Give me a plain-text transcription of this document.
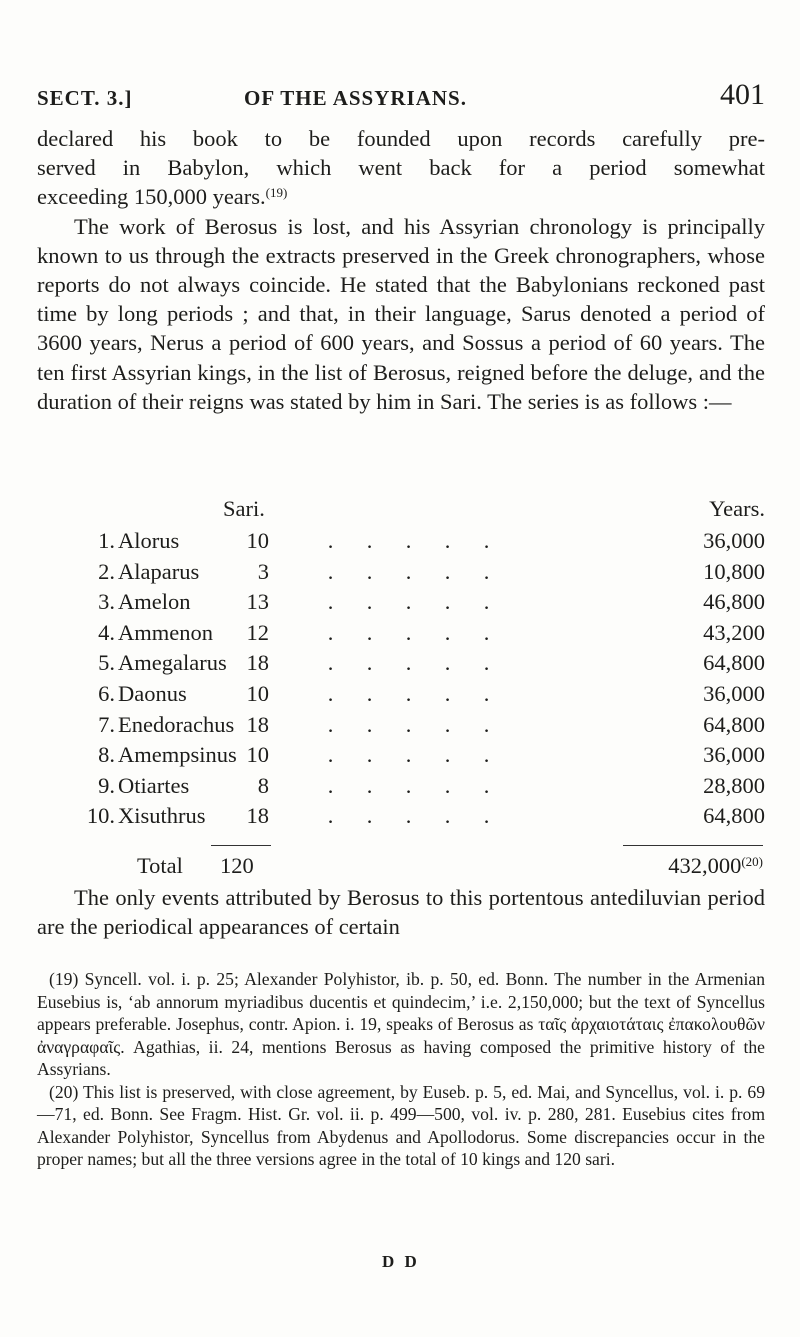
SECT. 3.]	OF THE ASSYRIANS.	401
declared his book to be founded upon records carefully pre-
served in Babylon, which went back for a period somewhat
exceeding 150,000 years.$^{(19)}$
The work of Berosus is lost, and his Assyrian chronology is principally known to us through the extracts preserved in the Greek chronographers, whose reports do not always coincide. He stated that the Babylonians reckoned past time by long periods ; and that, in their language, Sarus denoted a period of 3600 years, Nerus a period of 600 years, and Sossus a period of 60 years. The ten first Assyrian kings, in the list of Berosus, reigned before the deluge, and the duration of their reigns was stated by him in Sari. The series is as follows :—
Sari.	Years.
1. Alorus	10	36,000
. . . . .
2. Alaparus	3	10,800
. . . . .
3. Amelon 13	46,800
. . . . .
4. Ammenon 12	43,200
. . . . .
5. Amegalarus 18	64,800
. . . . .
6. Daonus	10	36,000
. . . . .
7. Enedorachus 18	64,800
. . . . .
8. Amempsinus 10	36,000
. . . . .
9. Otiartes	8	28,800
. . . . .
10. Xisuthrus 18	64,800
. . . . .
Total 120	432,000$^{(20)}$
The only events attributed by Berosus to this portentous antediluvian period are the periodical appearances of certain

(19) Syncell. vol. i. p. 25; Alexander Polyhistor, ib. p. 50, ed. Bonn. The number in the Armenian Eusebius is, ‘ab annorum myriadibus ducentis et quindecim,’ i.e. 2,150,000; but the text of Syncellus appears preferable. Josephus, contr. Apion. i. 19, speaks of Berosus as ταῖς ἀρχαιοτάταις ἐπακολουθῶν ἀναγραφαῖς. Agathias, ii. 24, mentions Berosus as having composed the primitive history of the Assyrians.

(20) This list is preserved, with close agreement, by Euseb. p. 5, ed. Mai, and Syncellus, vol. i. p. 69—71, ed. Bonn. See Fragm. Hist. Gr. vol. ii. p. 499—500, vol. iv. p. 280, 281. Eusebius cites from Alexander Polyhistor, Syncellus from Abydenus and Apollodorus. Some discrepancies occur in the proper names; but all the three versions agree in the total of 10 kings and 120 sari.

D D
